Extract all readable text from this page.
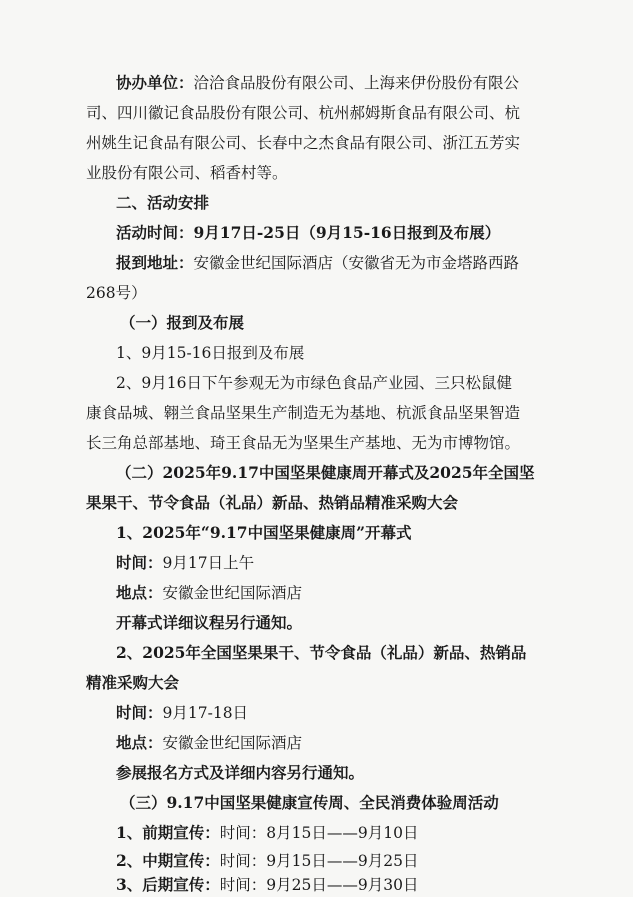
协办单位：洽洽食品股份有限公司、上海来伊份股份有限公
司、四川徽记食品股份有限公司、杭州郝姆斯食品有限公司、杭
州姚生记食品有限公司、长春中之杰食品有限公司、浙江五芳实
业股份有限公司、稻香村等。
二、活动安排
活动时间：9月17日-25日（9月15-16日报到及布展）
报到地址：安徽金世纪国际酒店（安徽省无为市金塔路西路
268号）
（一）报到及布展
1、9月15-16日报到及布展
2、9月16日下午参观无为市绿色食品产业园、三只松鼠健
康食品城、翱兰食品坚果生产制造无为基地、杭派食品坚果智造
长三角总部基地、琦王食品无为坚果生产基地、无为市博物馆。
（二）2025年9.17中国坚果健康周开幕式及2025年全国坚
果果干、节令食品（礼品）新品、热销品精准采购大会
1、2025年“9.17中国坚果健康周”开幕式
时间：9月17日上午
地点：安徽金世纪国际酒店
开幕式详细议程另行通知。
2、2025年全国坚果果干、节令食品（礼品）新品、热销品
精准采购大会
时间：9月17-18日
地点：安徽金世纪国际酒店
参展报名方式及详细内容另行通知。
（三）9.17中国坚果健康宣传周、全民消费体验周活动
1、前期宣传：时间：8月15日——9月10日
2、中期宣传：时间：9月15日——9月25日
3、后期宣传：时间：9月25日——9月30日
